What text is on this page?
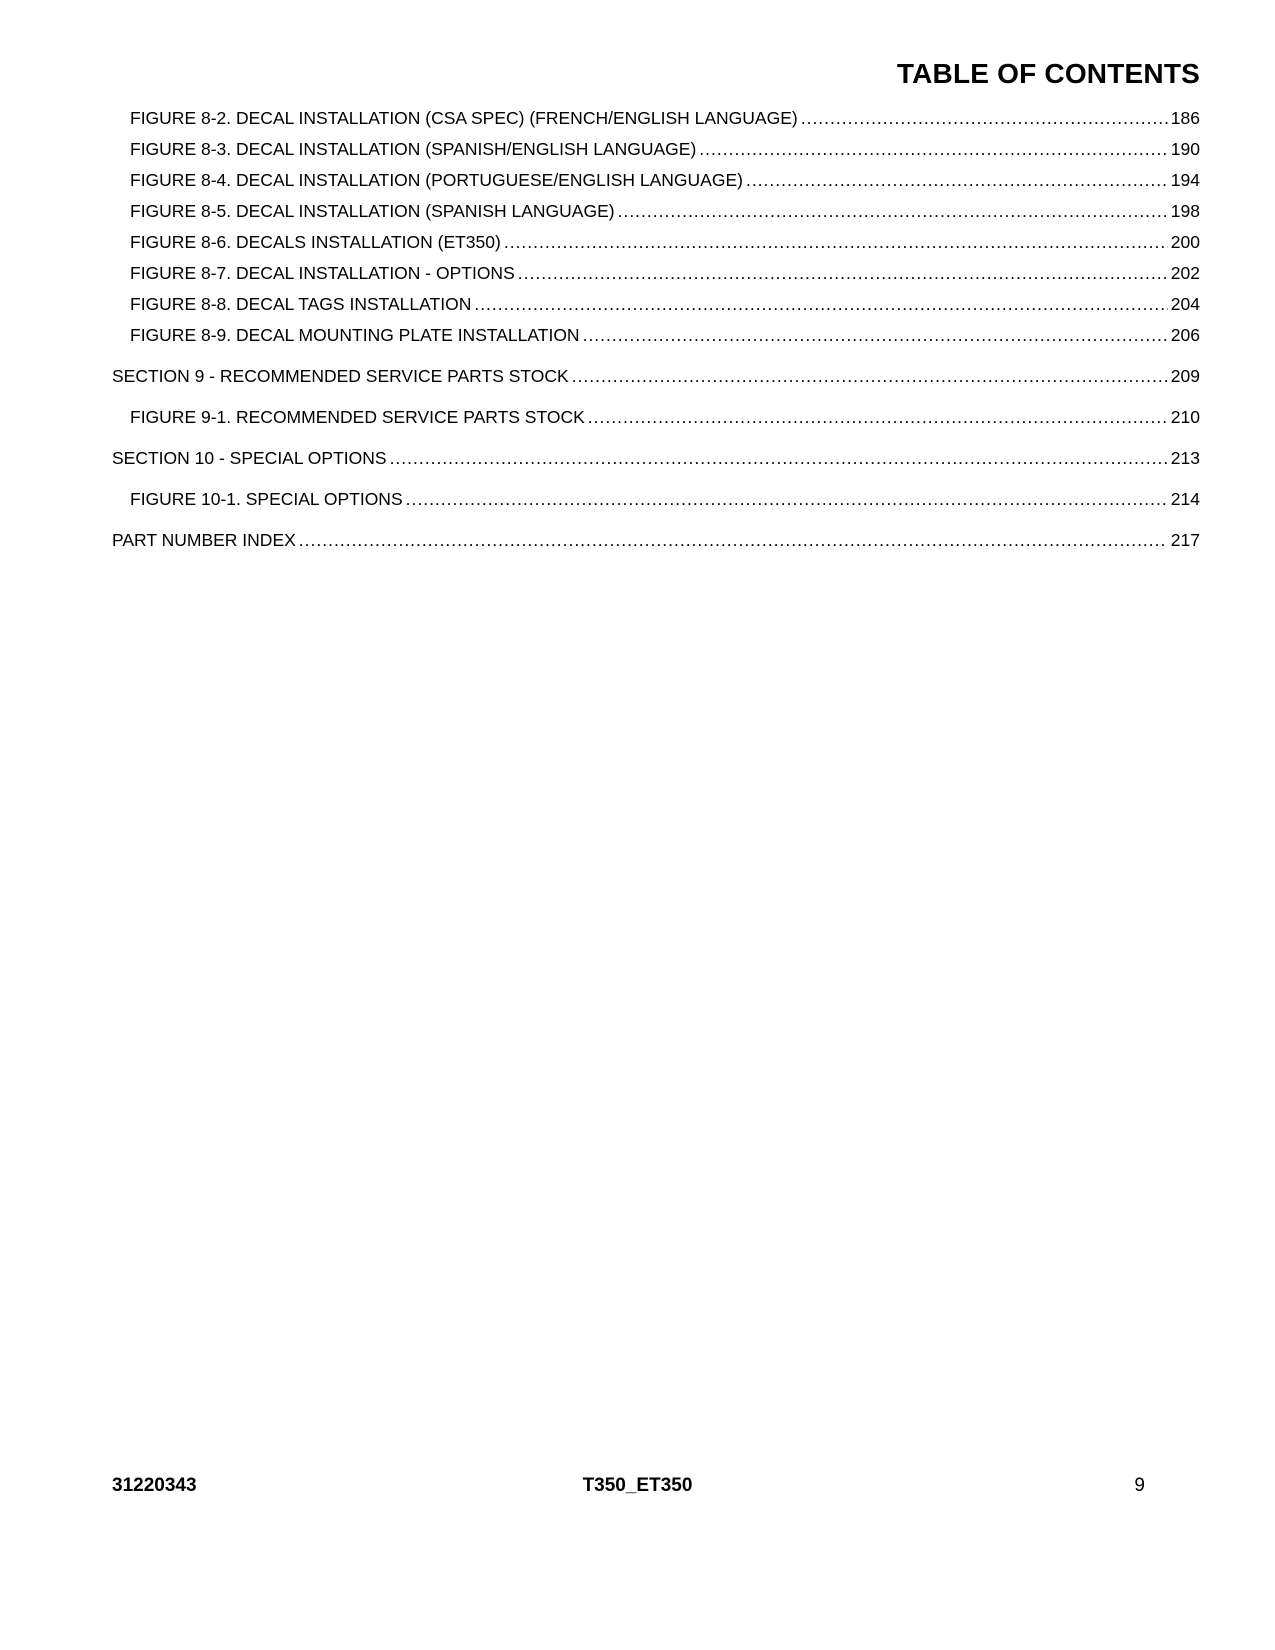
TABLE OF CONTENTS
FIGURE 8-2. DECAL INSTALLATION (CSA SPEC) (FRENCH/ENGLISH LANGUAGE) .....	186
FIGURE 8-3. DECAL INSTALLATION (SPANISH/ENGLISH LANGUAGE) .....	190
FIGURE 8-4. DECAL INSTALLATION (PORTUGUESE/ENGLISH LANGUAGE) .....	194
FIGURE 8-5. DECAL INSTALLATION (SPANISH LANGUAGE) .....	198
FIGURE 8-6. DECALS INSTALLATION (ET350) .....	200
FIGURE 8-7. DECAL INSTALLATION - OPTIONS .....	202
FIGURE 8-8. DECAL TAGS INSTALLATION .....	204
FIGURE 8-9. DECAL MOUNTING PLATE INSTALLATION .....	206
SECTION 9 - RECOMMENDED SERVICE PARTS STOCK .....	209
FIGURE 9-1. RECOMMENDED SERVICE PARTS STOCK .....	210
SECTION 10 - SPECIAL OPTIONS .....	213
FIGURE 10-1. SPECIAL OPTIONS .....	214
PART NUMBER INDEX .....	217
31220343	T350_ET350	9
